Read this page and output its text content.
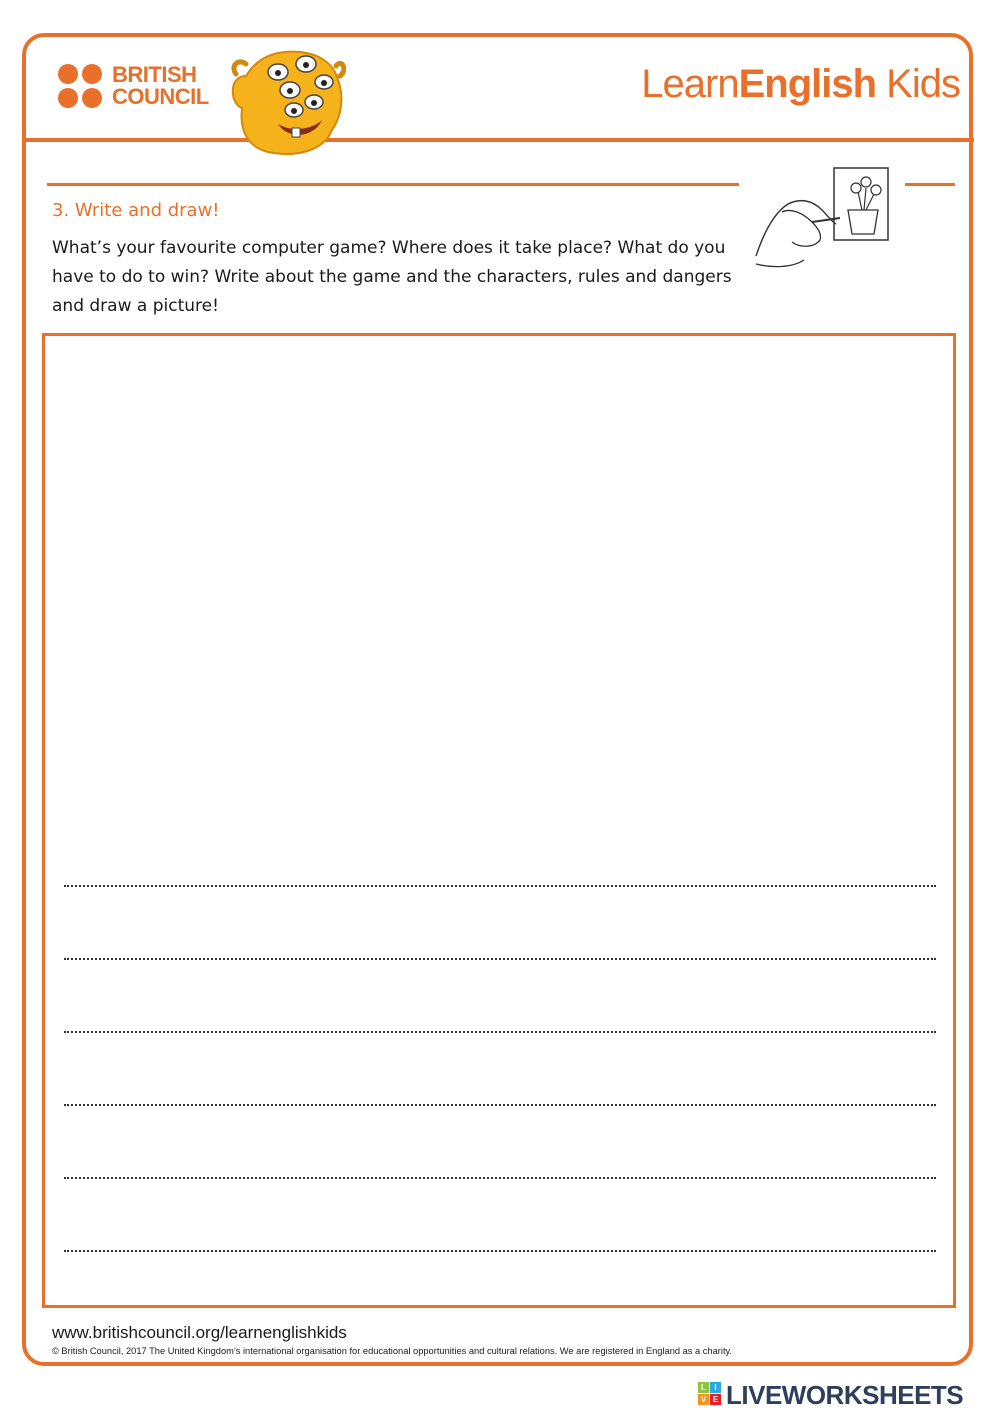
BRITISH
COUNCIL	LearnEnglish Kids
3. Write and draw!
What’s your favourite computer game? Where does it take place? What do you have to do to win? Write about the game and the characters, rules and dangers and draw a picture!
www.britishcouncil.org/learnenglishkids
© British Council, 2017 The United Kingdom’s international organisation for educational opportunities and cultural relations. We are registered in England as a charity.
L	I
V E LIVEWORKSHEETS
